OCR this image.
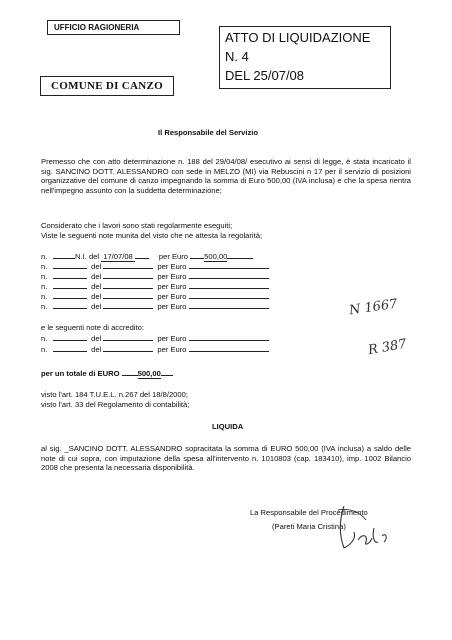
UFFICIO RAGIONERIA
ATTO DI LIQUIDAZIONE
N. 4
DEL 25/07/08
COMUNE DI CANZO
Il Responsabile del Servizio
Premesso che con atto determinazione n. 188 del 29/04/08/ esecutivo ai sensi di legge, è stata incaricato il sig. SANCINO DOTT. ALESSANDRO con sede in MELZO (MI) via Rebuscini n 17 per il servizio di posizioni organizzative del comune di canzo impegnando la somma di Euro 500,00 (IVA inclusa) e che la spesa rientra nell'impegno assunto con la suddetta determinazione;
Considerato che i lavori sono stati regolarmente eseguiti;
Viste le seguenti note munita del visto che ne attesta la regolarità;
n.	N.I. del 17/07/08	per Euro 500,00
n.	del	per Euro
n.	del	per Euro
n.	del	per Euro
n.	del	per Euro
n.	del	per Euro
e le seguenti note di accredito:
n.	del	per Euro
n.	del	per Euro
per un totale di EURO 500,00
visto l'art. 184 T.U.E.L. n.267 del 18/8/2000;
visto l'art. 33 del Regolamento di contabilità;
LIQUIDA
al sig. _SANCINO DOTT. ALESSANDRO sopracitata la somma di EURO 500,00 (IVA inclusa) a saldo delle note di cui sopra, con imputazione della spesa all'intervento n. 1010803 (cap. 183410), imp. 1002 Bilancio 2008 che presenta la necessaria disponibilità.
La Responsabile del Procedimento
(Pareti Maria Cristina)
N 1667
R 387
